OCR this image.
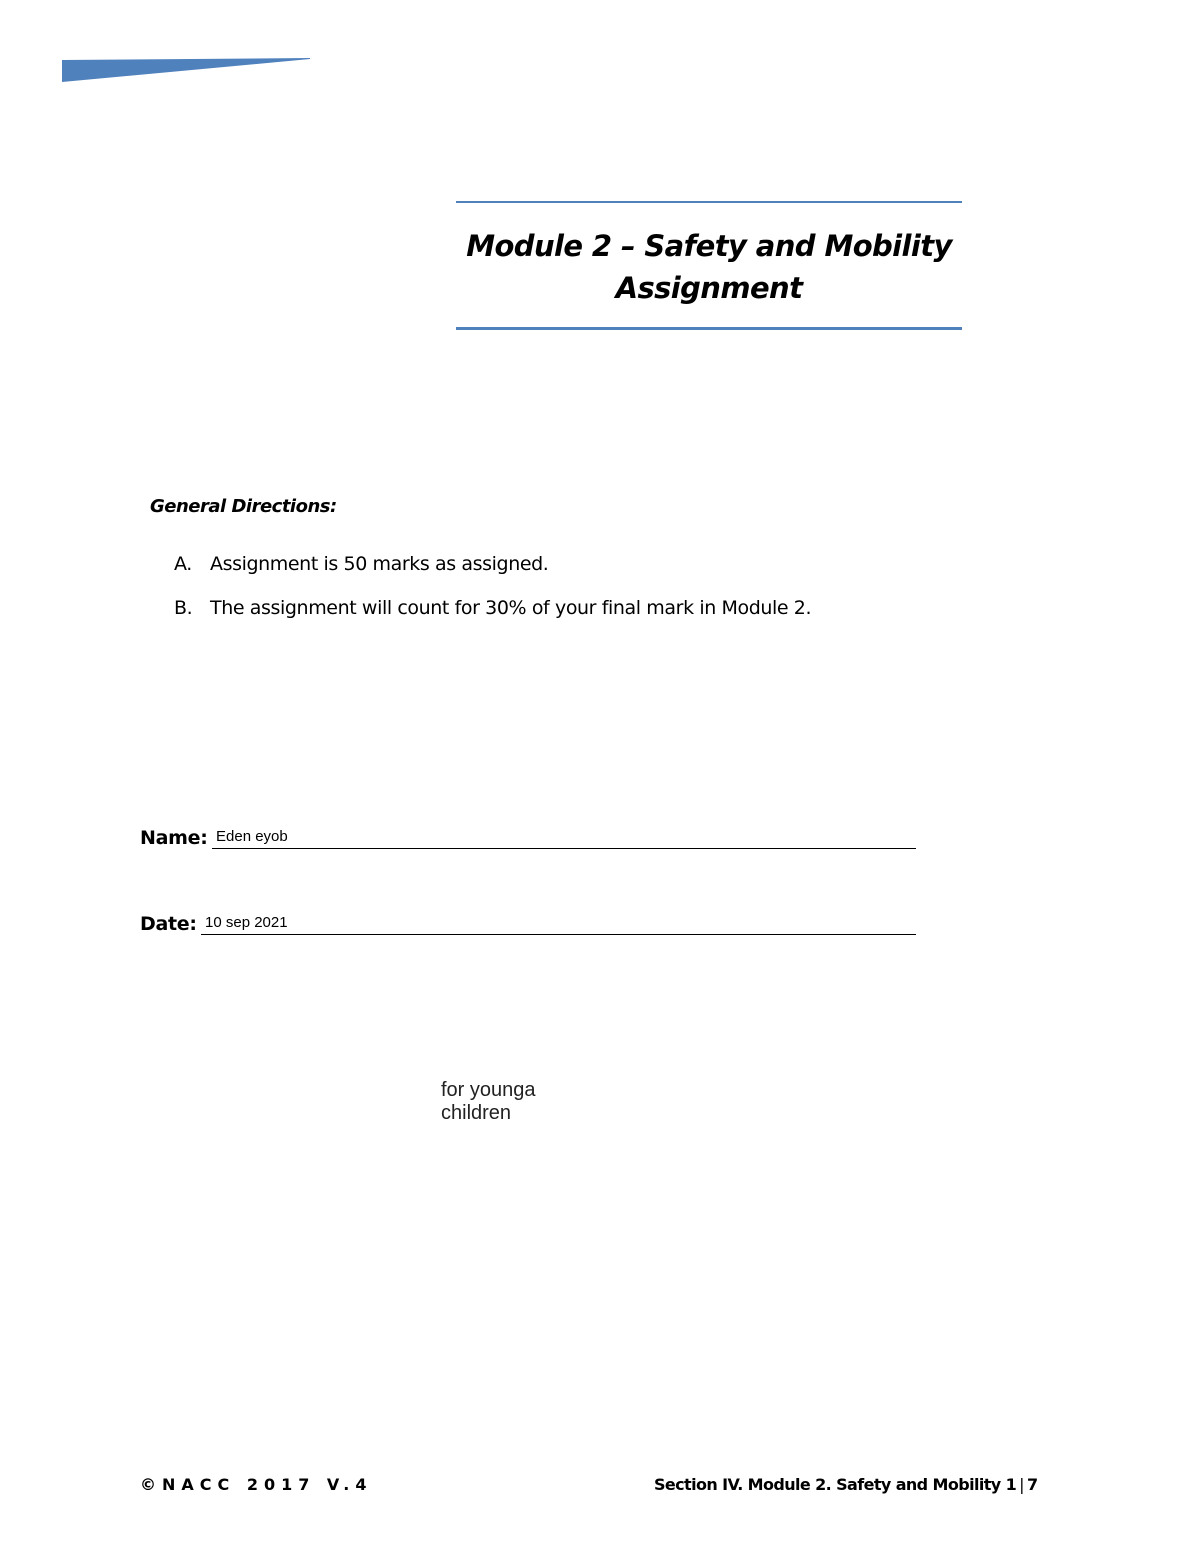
Module 2 – Safety and Mobility
Assignment
General Directions:
A. Assignment is 50 marks as assigned.
B. The assignment will count for 30% of your final mark in Module 2.
Name: Eden eyob
Date: 10 sep 2021
for younga
children
©NACC 2017 V.4	Section IV. Module 2. Safety and Mobility 1 | 7
